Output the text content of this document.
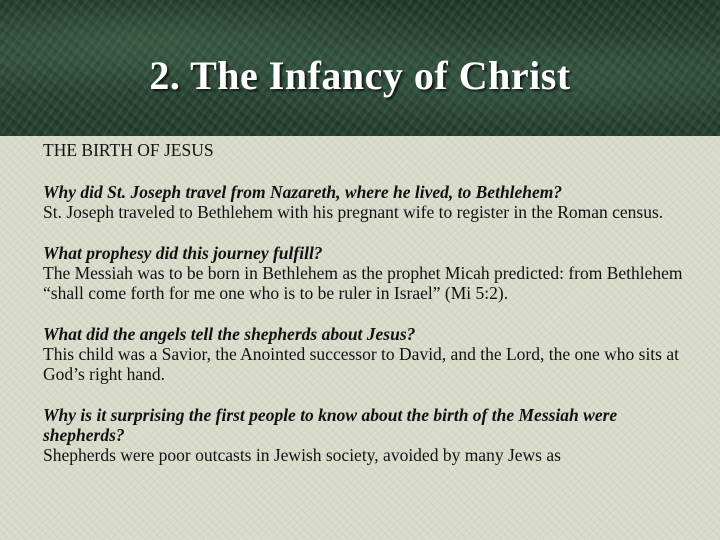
2. The Infancy of Christ
THE BIRTH OF JESUS
Why did St. Joseph travel from Nazareth, where he lived, to Bethlehem?
St. Joseph traveled to Bethlehem with his pregnant wife to register in the Roman census.
What prophesy did this journey fulfill?
The Messiah was to be born in Bethlehem as the prophet Micah predicted: from Bethlehem “shall come forth for me one who is to be ruler in Israel” (Mi 5:2).
What did the angels tell the shepherds about Jesus?
This child was a Savior, the Anointed successor to David, and the Lord, the one who sits at God’s right hand.
Why is it surprising the first people to know about the birth of the Messiah were shepherds?
Shepherds were poor outcasts in Jewish society, avoided by many Jews as
